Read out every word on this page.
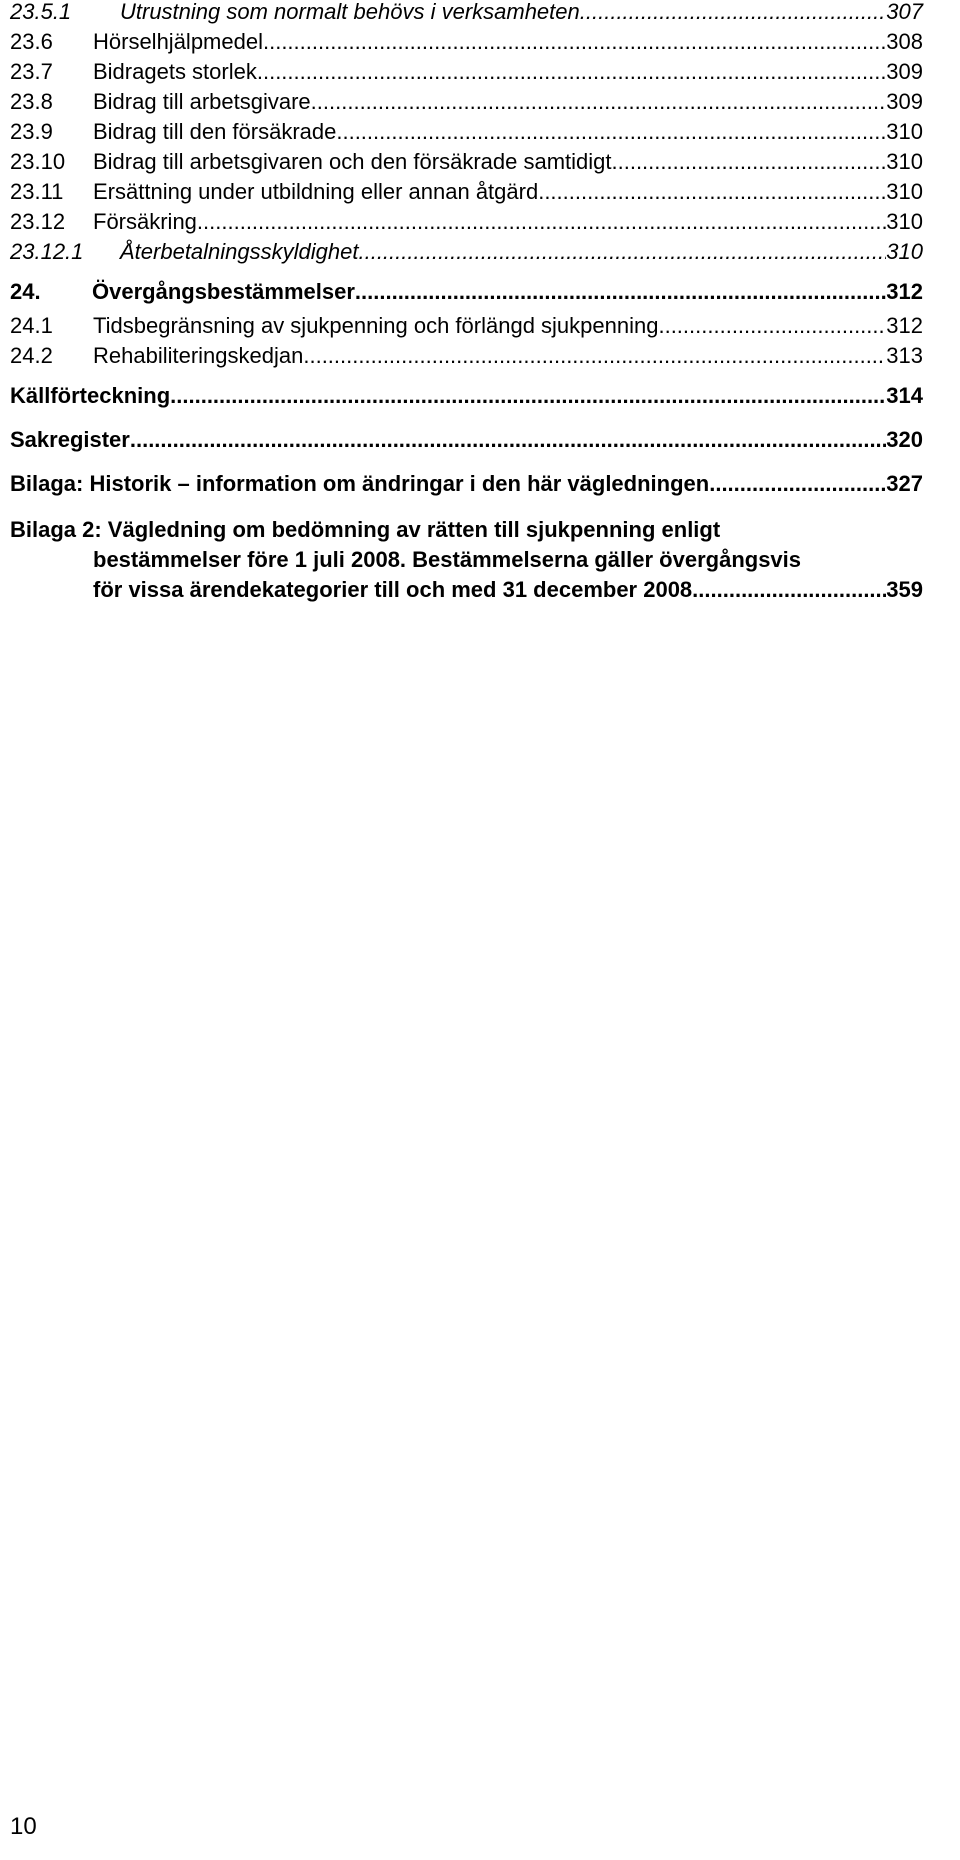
23.5.1	Utrustning som normalt behövs i verksamheten .....	307
23.6	Hörselhjälpmedel .....	308
23.7	Bidragets storlek .....	309
23.8	Bidrag till arbetsgivare .....	309
23.9	Bidrag till den försäkrade .....	310
23.10	Bidrag till arbetsgivaren och den försäkrade samtidigt .....	310
23.11	Ersättning under utbildning eller annan åtgärd .....	310
23.12	Försäkring .....	310
23.12.1	Återbetalningsskyldighet .....	310
24.	Övergångsbestämmelser .....	312
24.1	Tidsbegränsning av sjukpenning och förlängd sjukpenning .....	312
24.2	Rehabiliteringskedjan .....	313
Källförteckning .....	314
Sakregister .....	320
Bilaga: Historik – information om ändringar i den här vägledningen .....	327
Bilaga 2: Vägledning om bedömning av rätten till sjukpenning enligt
bestämmelser före 1 juli 2008. Bestämmelserna gäller övergångsvis
för vissa ärendekategorier till och med 31 december 2008. .....	359
10
